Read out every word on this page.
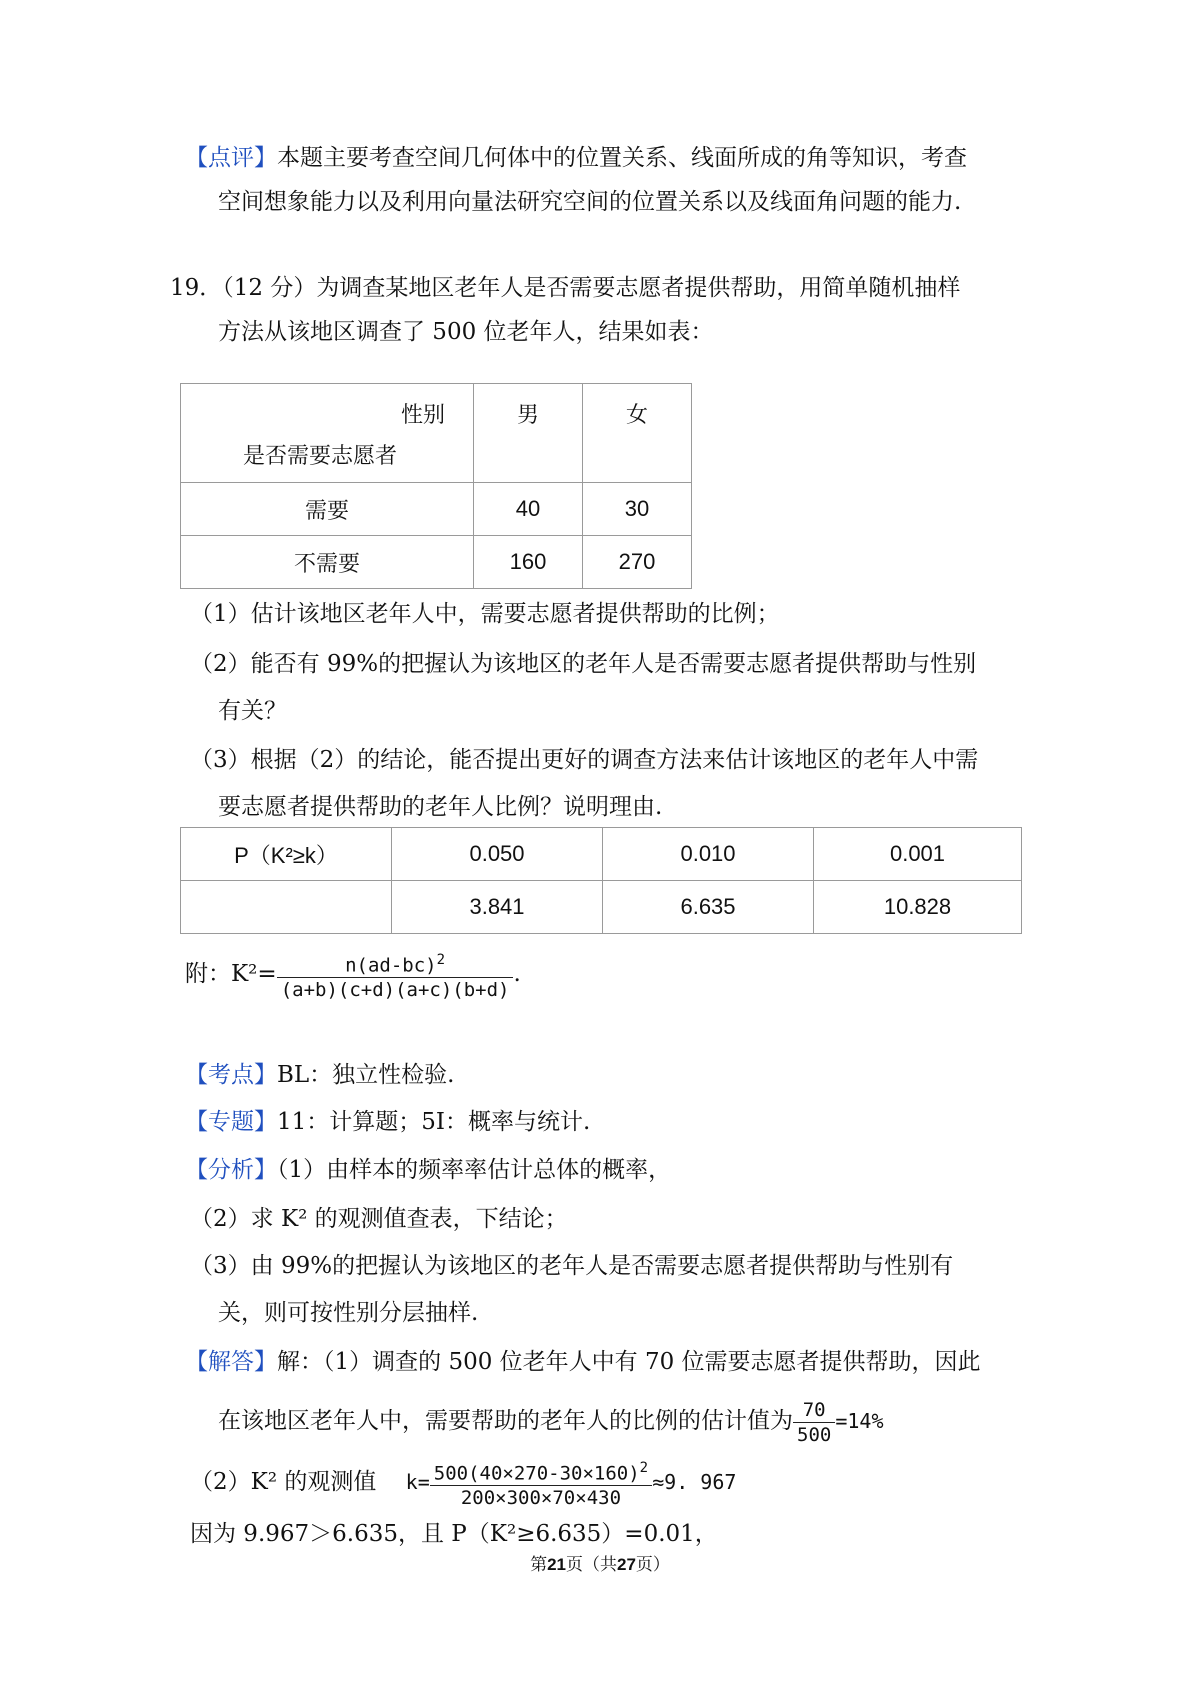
【点评】本题主要考查空间几何体中的位置关系、线面所成的角等知识，考查
空间想象能力以及利用向量法研究空间的位置关系以及线面角问题的能力.
19．（12 分）为调查某地区老年人是否需要志愿者提供帮助，用简单随机抽样
方法从该地区调查了 500 位老年人，结果如表：
性别
是否需要志愿者	男	女
需要	40	30
不需要	160	270
（1）估计该地区老年人中，需要志愿者提供帮助的比例；
（2）能否有 99%的把握认为该地区的老年人是否需要志愿者提供帮助与性别
有关？
（3）根据（2）的结论，能否提出更好的调查方法来估计该地区的老年人中需
要志愿者提供帮助的老年人比例？说明理由.
P（K²≥k）	0.050	0.010	0.001
	3.841	6.635	10.828
附：$K^2= \frac{n(ad-bc)^2}{(a+b)(c+d)(a+c)(b+d)}$ .
【考点】BL：独立性检验.
【专题】11：计算题；5I：概率与统计.
【分析】（1）由样本的频率率估计总体的概率，
（2）求 K² 的观测值查表，下结论；
（3）由 99%的把握认为该地区的老年人是否需要志愿者提供帮助与性别有
关，则可按性别分层抽样.
【解答】解：（1）调查的 500 位老年人中有 70 位需要志愿者提供帮助，因此
在该地区老年人中，需要帮助的老年人的比例的估计值为 $\frac{70}{500} =14\%$
（2）K² 的观测值 $k= \frac{500(40\times 270-30\times 160)^2}{200\times 300\times 70\times 430} \approx 9$. 967
因为 9.967＞6.635，且 P（K²≥6.635）=0.01，
第21页（共27页）
